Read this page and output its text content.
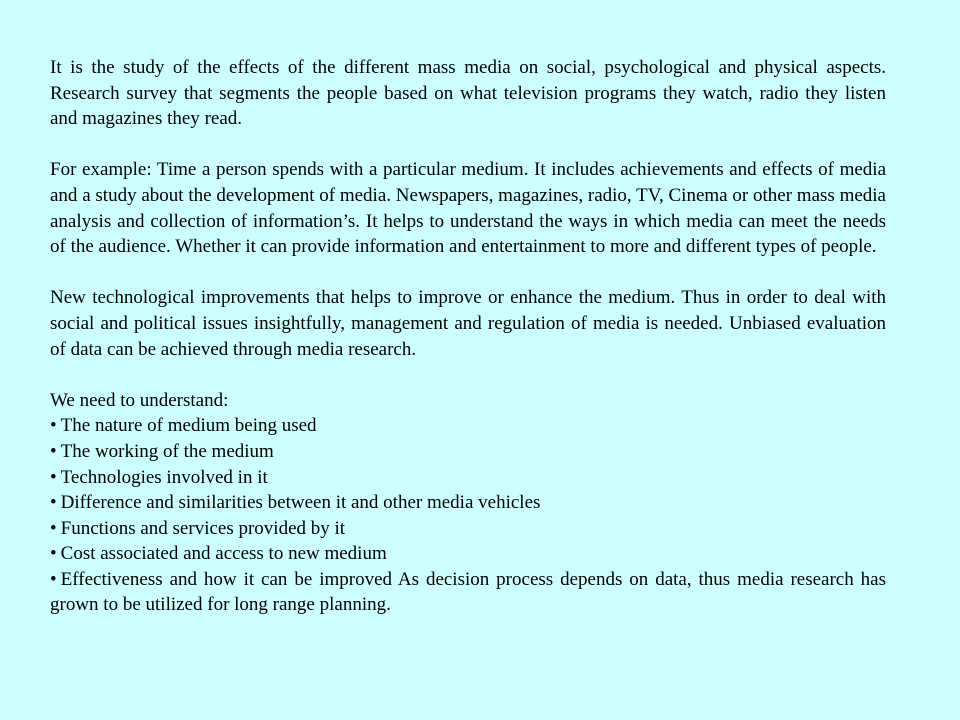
It is the study of the effects of the different mass media on social, psychological and physical aspects. Research survey that segments the people based on what television programs they watch, radio they listen and magazines they read.

For example: Time a person spends with a particular medium. It includes achievements and effects of media and a study about the development of media. Newspapers, magazines, radio, TV, Cinema or other mass media analysis and collection of information’s. It helps to understand the ways in which media can meet the needs of the audience. Whether it can provide information and entertainment to more and different types of people.

New technological improvements that helps to improve or enhance the medium. Thus in order to deal with social and political issues insightfully, management and regulation of media is needed. Unbiased evaluation of data can be achieved through media research.

We need to understand:

• The nature of medium being used
• The working of the medium
• Technologies involved in it
• Difference and similarities between it and other media vehicles
• Functions and services provided by it
• Cost associated and access to new medium
• Effectiveness and how it can be improved As decision process depends on data, thus media research has grown to be utilized for long range planning.
